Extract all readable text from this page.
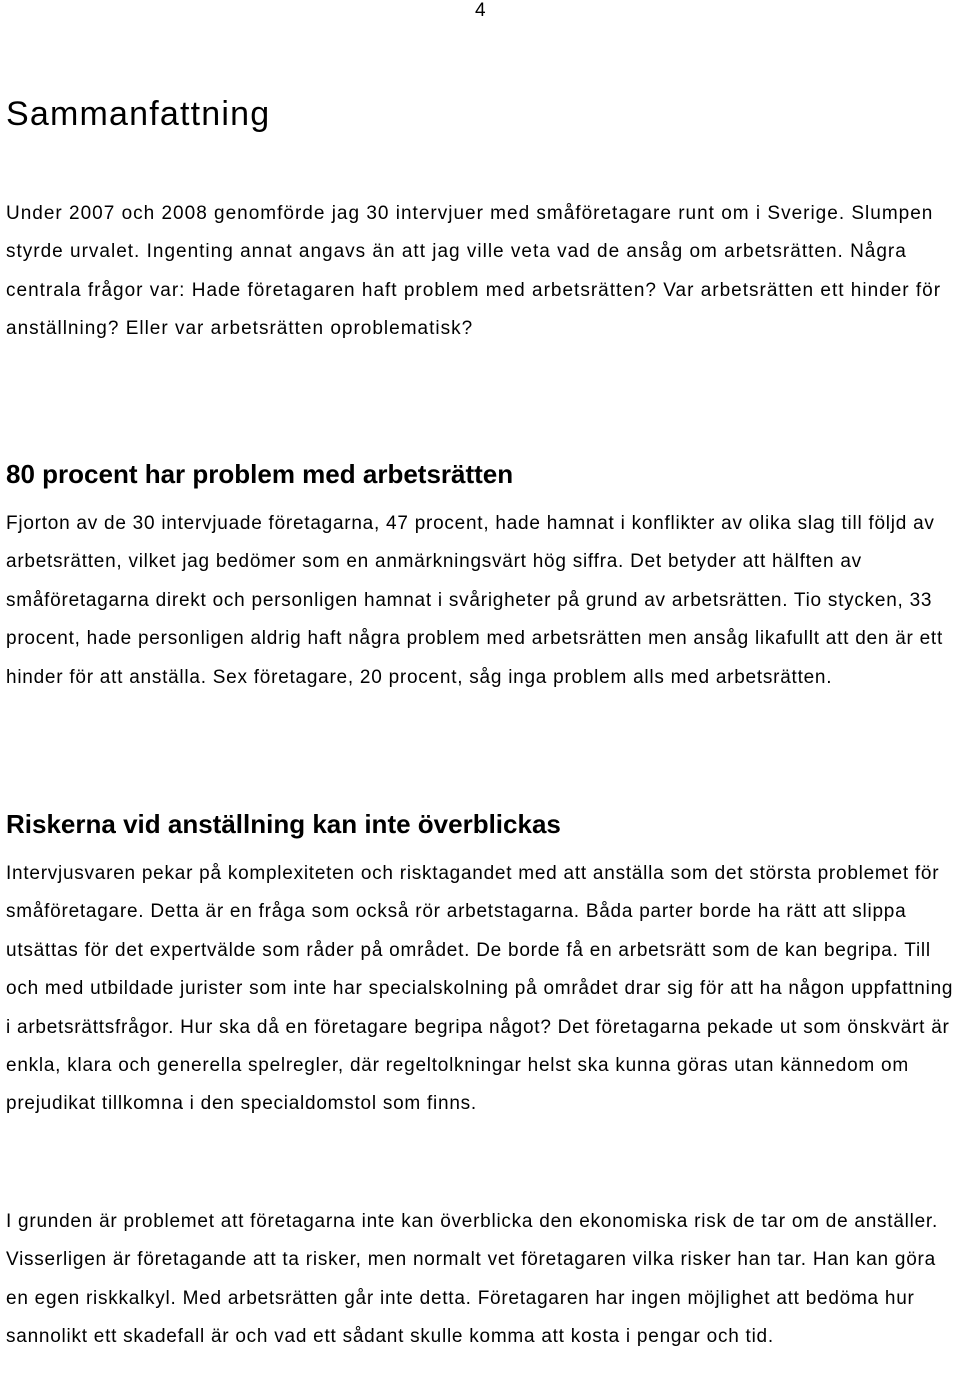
4
Sammanfattning

Under 2007 och 2008 genomförde jag 30 intervjuer med småföretagare runt om i Sverige. Slumpen styrde urvalet. Ingenting annat angavs än att jag ville veta vad de ansåg om arbetsrätten. Några centrala frågor var: Hade företagaren haft problem med arbetsrätten? Var arbetsrätten ett hinder för anställning? Eller var arbetsrätten oproblematisk?

80 procent har problem med arbetsrätten

Fjorton av de 30 intervjuade företagarna, 47 procent, hade hamnat i konflikter av olika slag till följd av arbetsrätten, vilket jag bedömer som en anmärkningsvärt hög siffra. Det betyder att hälften av småföretagarna direkt och personligen hamnat i svårigheter på grund av arbetsrätten. Tio stycken, 33 procent, hade personligen aldrig haft några problem med arbetsrätten men ansåg likafullt att den är ett hinder för att anställa. Sex företagare, 20 procent, såg inga problem alls med arbetsrätten.

Riskerna vid anställning kan inte överblickas

Intervjusvaren pekar på komplexiteten och risktagandet med att anställa som det största problemet för småföretagare. Detta är en fråga som också rör arbetstagarna. Båda parter borde ha rätt att slippa utsättas för det expertvälde som råder på området. De borde få en arbetsrätt som de kan begripa. Till och med utbildade jurister som inte har specialskolning på området drar sig för att ha någon uppfattning i arbetsrättsfrågor. Hur ska då en företagare begripa något? Det företagarna pekade ut som önskvärt är enkla, klara och generella spelregler, där regeltolkningar helst ska kunna göras utan kännedom om prejudikat tillkomna i den specialdomstol som finns.

I grunden är problemet att företagarna inte kan överblicka den ekonomiska risk de tar om de anställer. Visserligen är företagande att ta risker, men normalt vet företagaren vilka risker han tar. Han kan göra en egen riskkalkyl. Med arbetsrätten går inte detta. Företagaren har ingen möjlighet att bedöma hur sannolikt ett skadefall är och vad ett sådant skulle komma att kosta i pengar och tid.
